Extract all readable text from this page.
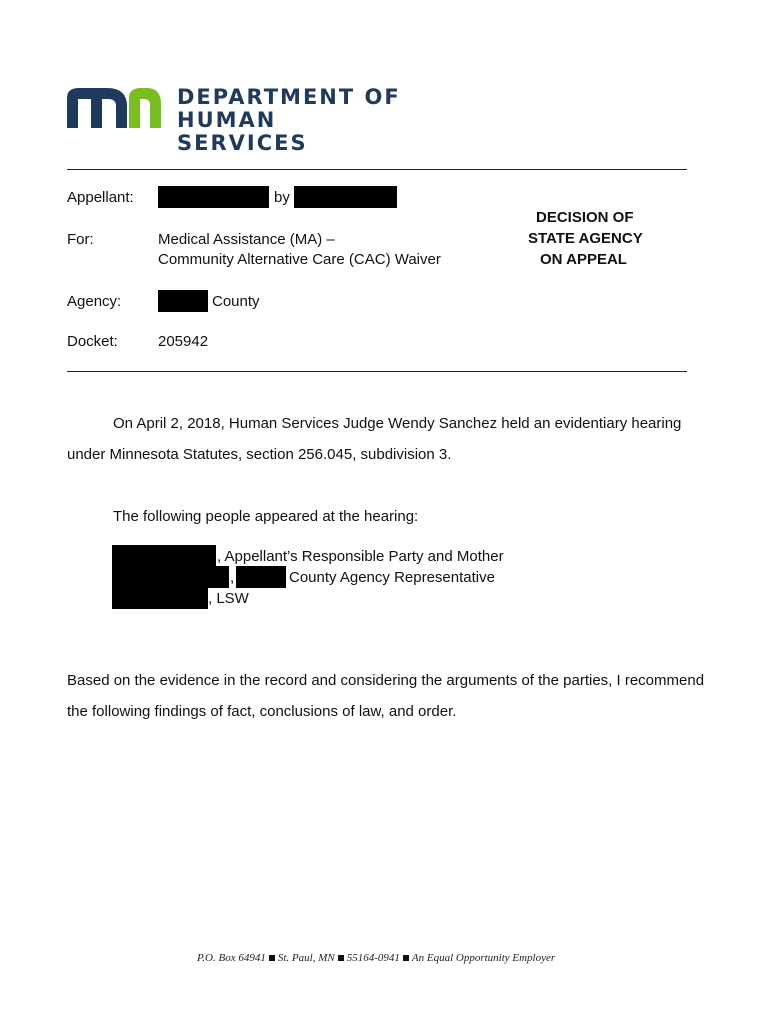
DEPARTMENT OF
HUMAN SERVICES
Appellant:	by
DECISION OF
STATE AGENCY
ON APPEAL
For:	Medical Assistance (MA) –
Community Alternative Care (CAC) Waiver
Agency:	County
Docket:	205942
On April 2, 2018, Human Services Judge Wendy Sanchez held an evidentiary hearing
under Minnesota Statutes, section 256.045, subdivision 3.
The following people appeared at the hearing:
, Appellant’s Responsible Party and Mother
,	County Agency Representative
, LSW
Based on the evidence in the record and considering the arguments of the parties, I recommend
the following findings of fact, conclusions of law, and order.
P.O. Box 64941 St. Paul, MN 55164-0941 An Equal Opportunity Employer
